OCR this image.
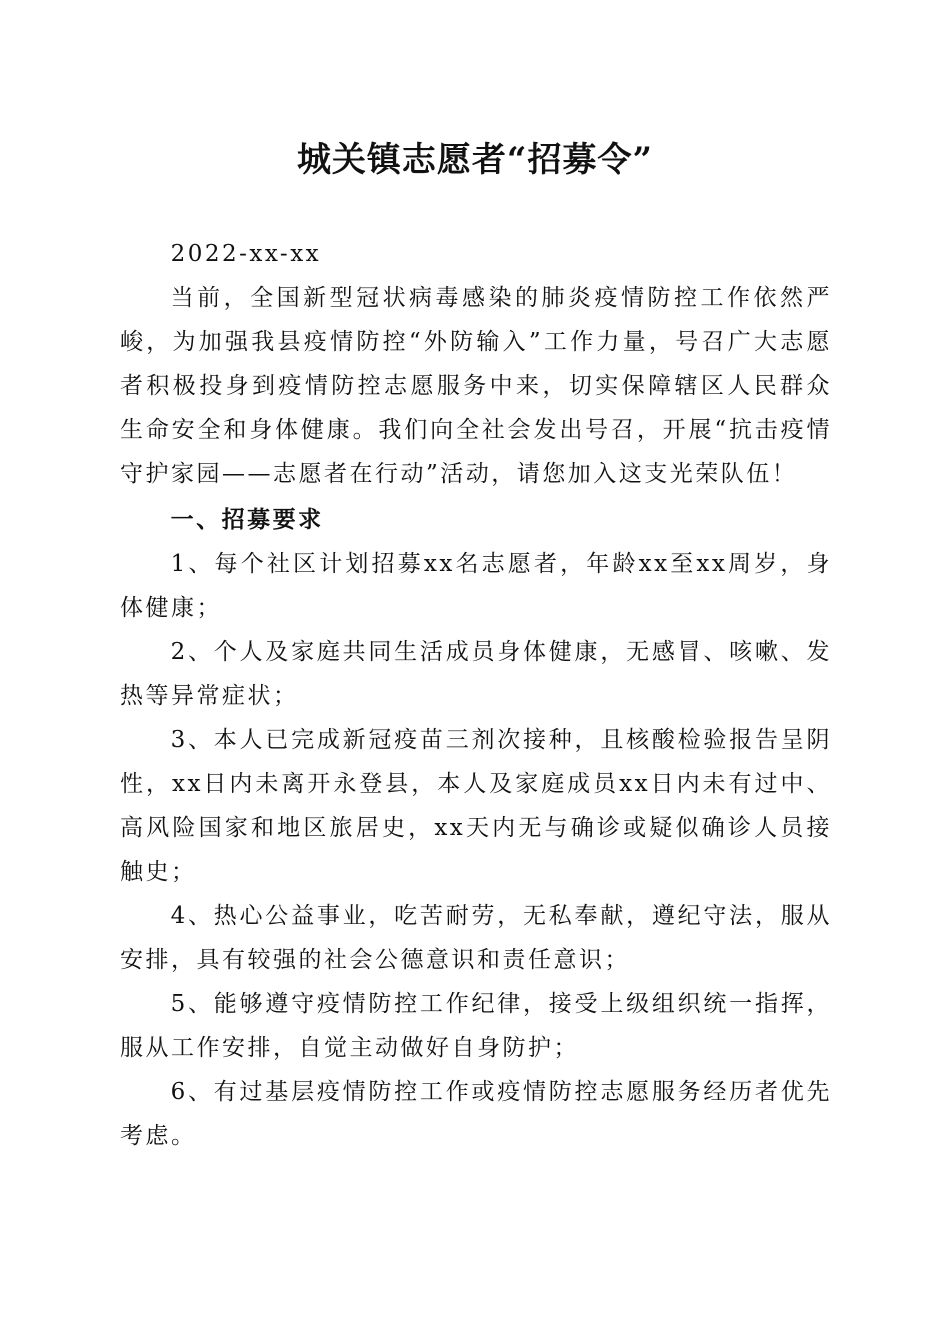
城关镇志愿者“招募令”

2022-xx-xx

当前，全国新型冠状病毒感染的肺炎疫情防控工作依然严峻，为加强我县疫情防控“外防输入”工作力量，号召广大志愿者积极投身到疫情防控志愿服务中来，切实保障辖区人民群众生命安全和身体健康。我们向全社会发出号召，开展“抗击疫情守护家园——志愿者在行动”活动，请您加入这支光荣队伍！

一、招募要求

1、每个社区计划招募xx名志愿者，年龄xx至xx周岁，身体健康；

2、个人及家庭共同生活成员身体健康，无感冒、咳嗽、发热等异常症状；

3、本人已完成新冠疫苗三剂次接种，且核酸检验报告呈阴性，xx日内未离开永登县，本人及家庭成员xx日内未有过中、高风险国家和地区旅居史，xx天内无与确诊或疑似确诊人员接触史；

4、热心公益事业，吃苦耐劳，无私奉献，遵纪守法，服从安排，具有较强的社会公德意识和责任意识；

5、能够遵守疫情防控工作纪律，接受上级组织统一指挥，服从工作安排，自觉主动做好自身防护；

6、有过基层疫情防控工作或疫情防控志愿服务经历者优先考虑。
